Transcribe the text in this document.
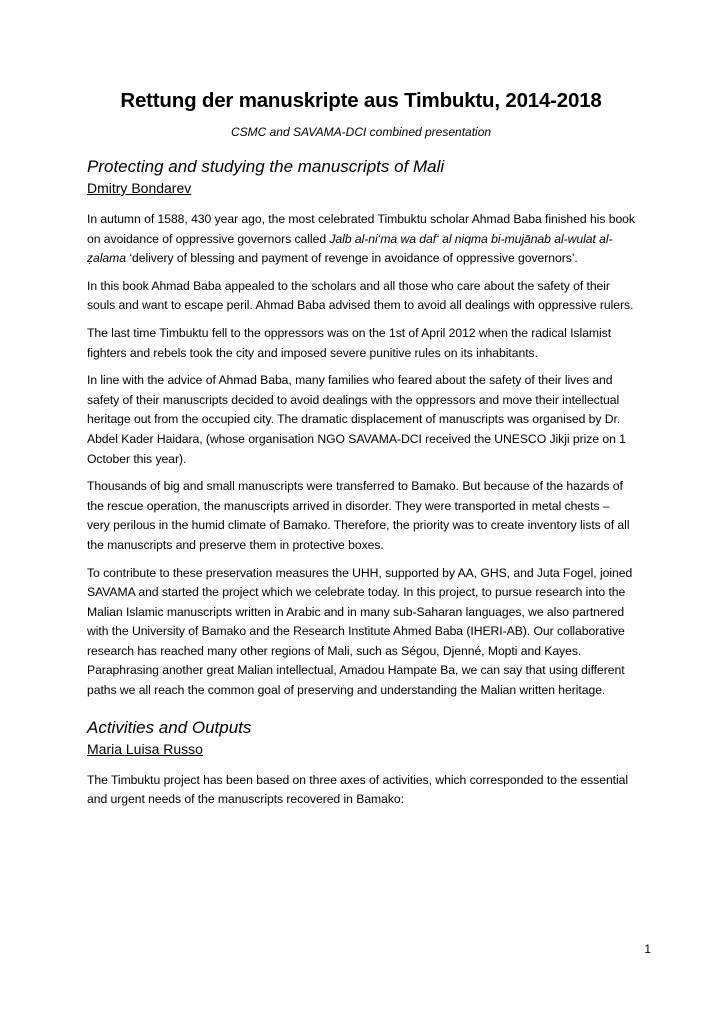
Rettung der manuskripte aus Timbuktu, 2014-2018
CSMC and SAVAMA-DCI combined presentation
Protecting and studying the manuscripts of Mali
Dmitry Bondarev

In autumn of 1588, 430 year ago, the most celebrated Timbuktu scholar Ahmad Baba finished his book on avoidance of oppressive governors called Jalb al-ni‘ma wa daf‘ al niqma bi-mujānab al-wulat al-ẓalama ‘delivery of blessing and payment of revenge in avoidance of oppressive governors’.

In this book Ahmad Baba appealed to the scholars and all those who care about the safety of their souls and want to escape peril. Ahmad Baba advised them to avoid all dealings with oppressive rulers.

The last time Timbuktu fell to the oppressors was on the 1st of April 2012 when the radical Islamist fighters and rebels took the city and imposed severe punitive rules on its inhabitants.

In line with the advice of Ahmad Baba, many families who feared about the safety of their lives and safety of their manuscripts decided to avoid dealings with the oppressors and move their intellectual heritage out from the occupied city. The dramatic displacement of manuscripts was organised by Dr. Abdel Kader Haidara, (whose organisation NGO SAVAMA-DCI received the UNESCO Jikji prize on 1 October this year).

Thousands of big and small manuscripts were transferred to Bamako. But because of the hazards of the rescue operation, the manuscripts arrived in disorder. They were transported in metal chests – very perilous in the humid climate of Bamako. Therefore, the priority was to create inventory lists of all the manuscripts and preserve them in protective boxes.

To contribute to these preservation measures the UHH, supported by AA, GHS, and Juta Fogel, joined SAVAMA and started the project which we celebrate today. In this project, to pursue research into the Malian Islamic manuscripts written in Arabic and in many sub-Saharan languages, we also partnered with the University of Bamako and the Research Institute Ahmed Baba (IHERI-AB). Our collaborative research has reached many other regions of Mali, such as Ségou, Djenné, Mopti and Kayes. Paraphrasing another great Malian intellectual, Amadou Hampate Ba, we can say that using different paths we all reach the common goal of preserving and understanding the Malian written heritage.

Activities and Outputs
Maria Luisa Russo

The Timbuktu project has been based on three axes of activities, which corresponded to the essential and urgent needs of the manuscripts recovered in Bamako:

1
